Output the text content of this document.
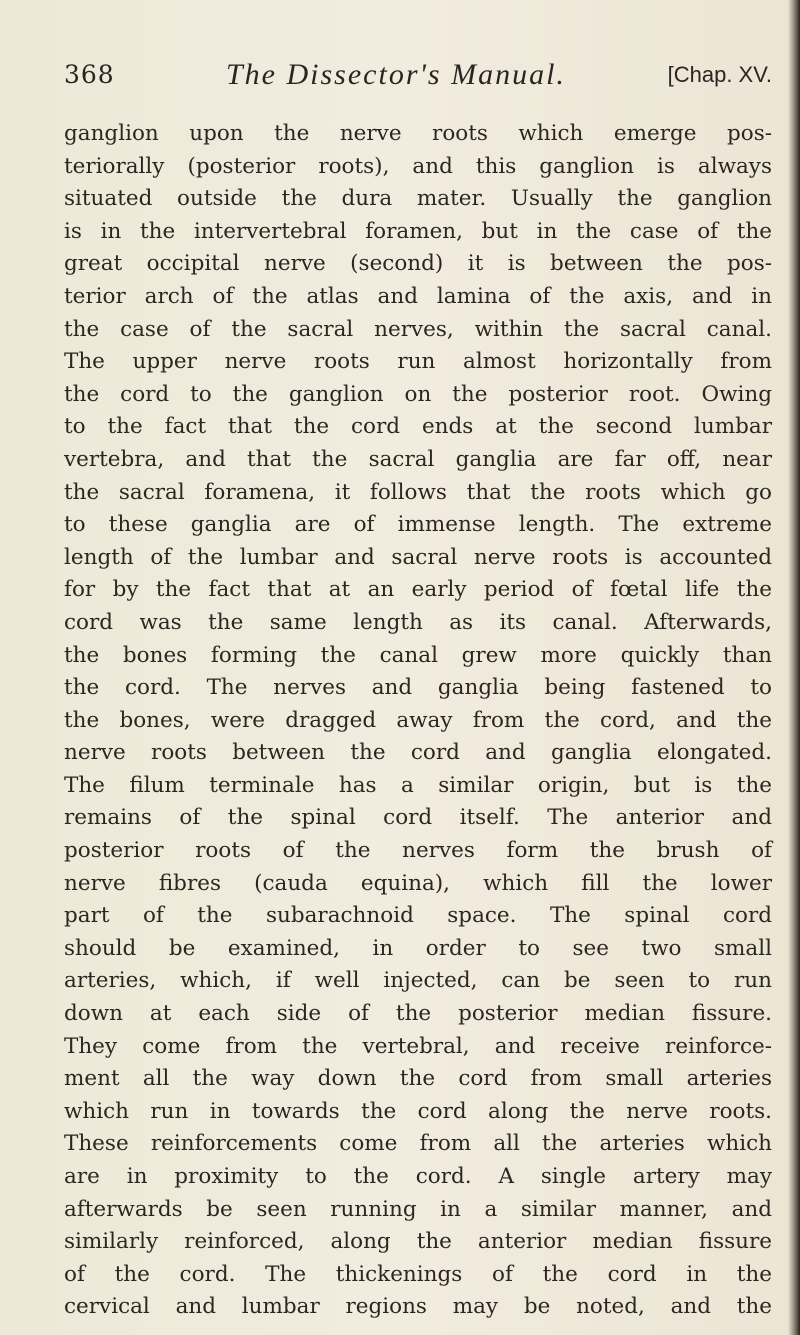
368	The Dissector's Manual.	[Chap. XV.
ganglion upon the nerve roots which emerge pos-
teriorally (posterior roots), and this ganglion is always
situated outside the dura mater. Usually the ganglion
is in the intervertebral foramen, but in the case of the
great occipital nerve (second) it is between the pos-
terior arch of the atlas and lamina of the axis, and in
the case of the sacral nerves, within the sacral canal.
The upper nerve roots run almost horizontally from
the cord to the ganglion on the posterior root. Owing
to the fact that the cord ends at the second lumbar
vertebra, and that the sacral ganglia are far off, near
the sacral foramena, it follows that the roots which go
to these ganglia are of immense length. The extreme
length of the lumbar and sacral nerve roots is accounted
for by the fact that at an early period of fœtal life the
cord was the same length as its canal. Afterwards,
the bones forming the canal grew more quickly than
the cord. The nerves and ganglia being fastened to
the bones, were dragged away from the cord, and the
nerve roots between the cord and ganglia elongated.
The filum terminale has a similar origin, but is the
remains of the spinal cord itself. The anterior and
posterior roots of the nerves form the brush of
nerve fibres (cauda equina), which fill the lower
part of the subarachnoid space. The spinal cord
should be examined, in order to see two small
arteries, which, if well injected, can be seen to run
down at each side of the posterior median fissure.
They come from the vertebral, and receive reinforce-
ment all the way down the cord from small arteries
which run in towards the cord along the nerve roots.
These reinforcements come from all the arteries which
are in proximity to the cord. A single artery may
afterwards be seen running in a similar manner, and
similarly reinforced, along the anterior median fissure
of the cord. The thickenings of the cord in the
cervical and lumbar regions may be noted, and the
